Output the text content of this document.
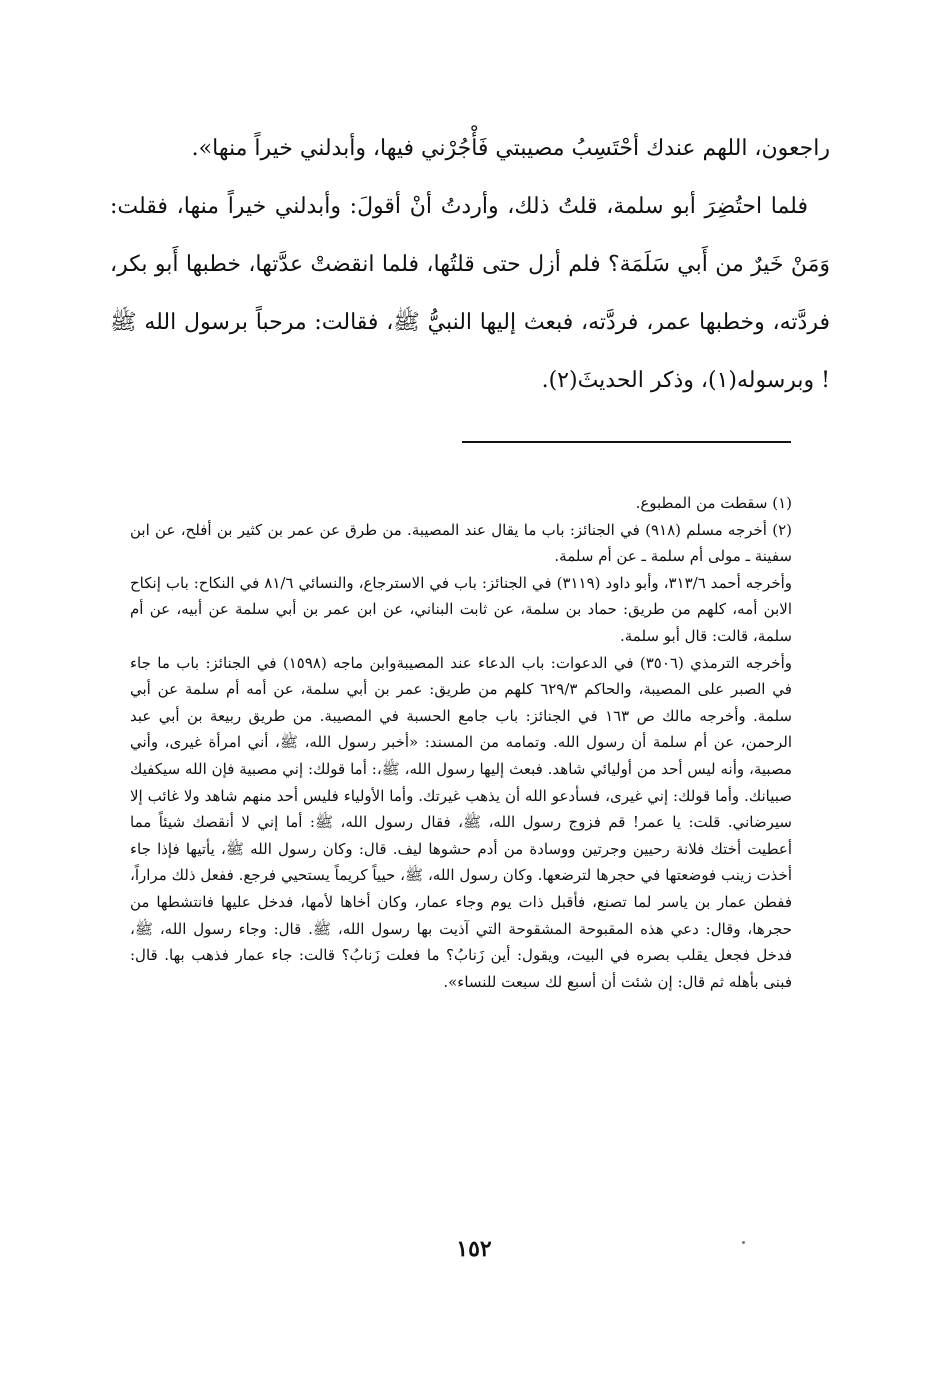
راجعون، اللهم عندك أحْتَسِبُ مصيبتي فَأْجُرْني فيها، وأبدلني خيراً منها».

فلما احتُضِرَ أبو سلمة، قلتُ ذلك، وأردتُ أنْ أقولَ: وأبدلني خيراً منها، فقلت: وَمَنْ خَيرٌ من أَبي سَلَمَة؟ فلم أزل حتى قلتُها، فلما انقضتْ عدَّتها، خطبها أَبو بكر، فردَّته، وخطبها عمر، فردَّته، فبعث إليها النبيُّ ﷺ، فقالت: مرحباً برسول الله ﷺ ! وبرسوله(١)، وذكر الحديثَ(٢).

(١) سقطت من المطبوع.

(٢) أخرجه مسلم (٩١٨) في الجنائز: باب ما يقال عند المصيبة. من طرق عن عمر بن كثير بن أفلح، عن ابن سفينة ـ مولى أم سلمة ـ عن أم سلمة.

وأخرجه أحمد ٣١٣/٦، وأبو داود (٣١١٩) في الجنائز: باب في الاسترجاع، والنسائي ٨١/٦ في النكاح: باب إنكاح الابن أمه، كلهم من طريق: حماد بن سلمة، عن ثابت البناني، عن ابن عمر بن أبي سلمة عن أبيه، عن أم سلمة، قالت: قال أبو سلمة.

وأخرجه الترمذي (٣٥٠٦) في الدعوات: باب الدعاء عند المصيبةوابن ماجه (١٥٩٨) في الجنائز: باب ما جاء في الصبر على المصيبة، والحاكم ٦٢٩/٣ كلهم من طريق: عمر بن أبي سلمة، عن أمه أم سلمة عن أبي سلمة. وأخرجه مالك ص ١٦٣ في الجنائز: باب جامع الحسبة في المصيبة. من طريق ربيعة بن أبي عبد الرحمن، عن أم سلمة أن رسول الله. وتمامه من المسند: «أخبر رسول الله، ﷺ، أني امرأة غيرى، وأني مصبية، وأنه ليس أحد من أوليائي شاهد. فبعث إليها رسول الله، ﷺ،: أما قولك: إني مصبية فإن الله سيكفيك صبيانك. وأما قولك: إني غيرى، فسأدعو الله أن يذهب غيرتك. وأما الأولياء فليس أحد منهم شاهد ولا غائب إلا سيرضاني. قلت: يا عمر! قم فزوج رسول الله، ﷺ، فقال رسول الله، ﷺ: أما إني لا أنقصك شيئاً مما أعطيت أختك فلانة رحيين وجرتين ووسادة من أدم حشوها ليف. قال: وكان رسول الله ﷺ، يأتيها فإذا جاء أخذت زينب فوضعتها في حجرها لترضعها. وكان رسول الله، ﷺ، حيياً كريماً يستحيي فرجع. ففعل ذلك مراراً، ففطن عمار بن ياسر لما تصنع، فأقبل ذات يوم وجاء عمار، وكان أخاها لأمها، فدخل عليها فانتشطها من حجرها، وقال: دعي هذه المقبوحة المشقوحة التي آذيت بها رسول الله، ﷺ. قال: وجاء رسول الله، ﷺ، فدخل فجعل يقلب بصره في البيت، ويقول: أين زَنابُ؟ ما فعلت زَنابُ؟ قالت: جاء عمار فذهب بها. قال: فبنى بأهله ثم قال: إن شئت أن أسبع لك سبعت للنساء».

١٥٢
